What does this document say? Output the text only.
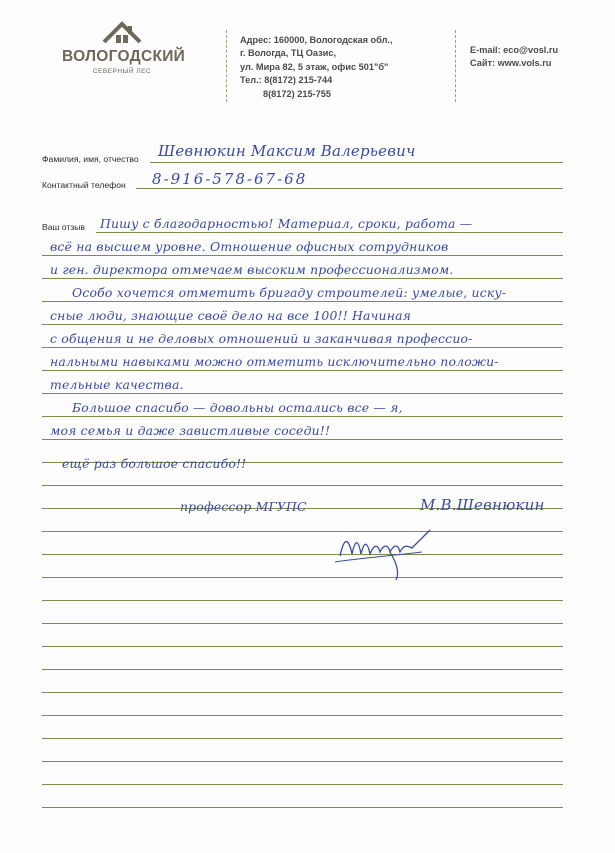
ВОЛОГОДСКИЙ
СЕВЕРНЫЙ ЛЕС
Адрес: 160000, Вологодская обл.,
г. Вологда, ТЦ Оазис,
ул. Мира 82, 5 этаж, офис 501"б"
Тел.: 8(8172) 215-744
8(8172) 215-755
E-mail: eco@vosl.ru
Сайт: www.vols.ru
Фамилия, имя, отчество Шевнюкин Максим Валерьевич
Контактный телефон 8-916-578-67-68
Ваш отзыв Пишу с благодарностью! Материал, сроки, работа —
всё на высшем уровне. Отношение офисных сотрудников
и ген. директора отмечаем высоким профессионализмом.
Особо хочется отметить бригаду строителей: умелые, иску-
сные люди, знающие своё дело на все 100!! Начиная
с общения и не деловых отношений и заканчивая профессио-
нальными навыками можно отметить исключительно положи-
тельные качества.
Большое спасибо — довольны остались все — я,
моя семья и даже завистливые соседи!!
ещё раз большое спасибо!!
профессор МГУПС	М.В.Шевнюкин
